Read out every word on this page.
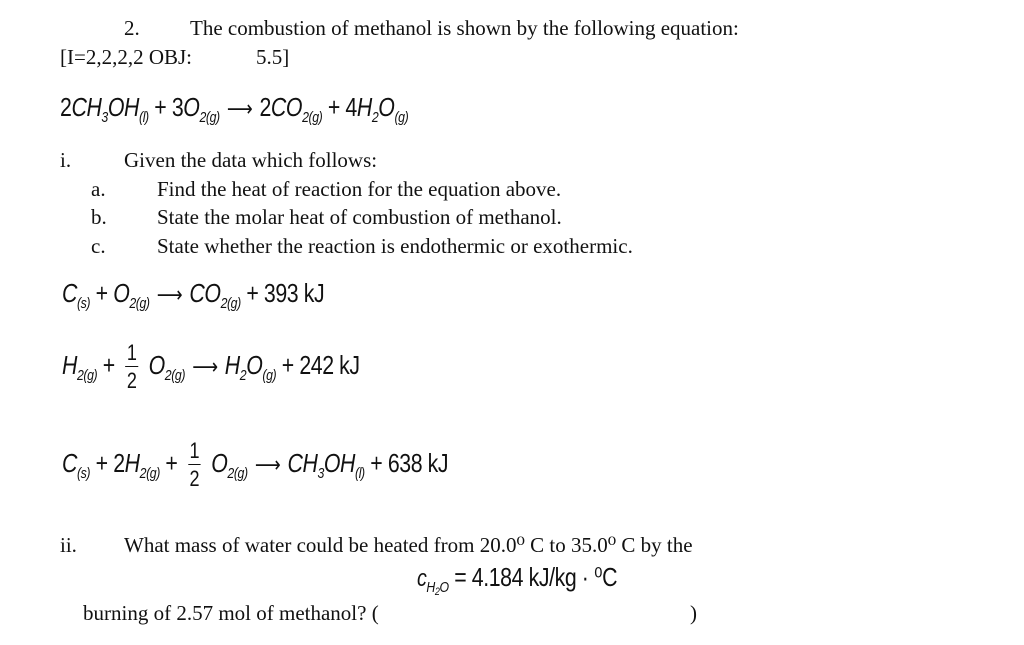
2. The combustion of methanol is shown by the following equation:
[I=2,2,2,2 OBJ:	5.5]
$2CH_3OH_{(l)} + 3O_{2(g)}$ ⟶ $2CO_{2(g)} + 4H_2O_{(g)}$
i.	Given the data which follows:
a. Find the heat of reaction for the equation above.
b. State the molar heat of combustion of methanol.
c. State whether the reaction is endothermic or exothermic.
$C_{(s)} + O_{2(g)}$ ⟶ $CO_{2(g)} + 393$ kJ
$H_{2(g)} + \frac{1}{2} O_{2(g)}$ ⟶ $H_2O_{(g)} + 242$ kJ
$C_{(s)} + 2H_{2(g)} + \frac{1}{2} O_{2(g)}$ ⟶ $CH_3OH_{(l)} + 638$ kJ
ii. What mass of water could be heated from 20.0⁰ C to 35.0⁰ C by the
$c_{H_2O} = 4.184$ kJ/kg · ⁰C
burning of 2.57 mol of methanol? (	)
